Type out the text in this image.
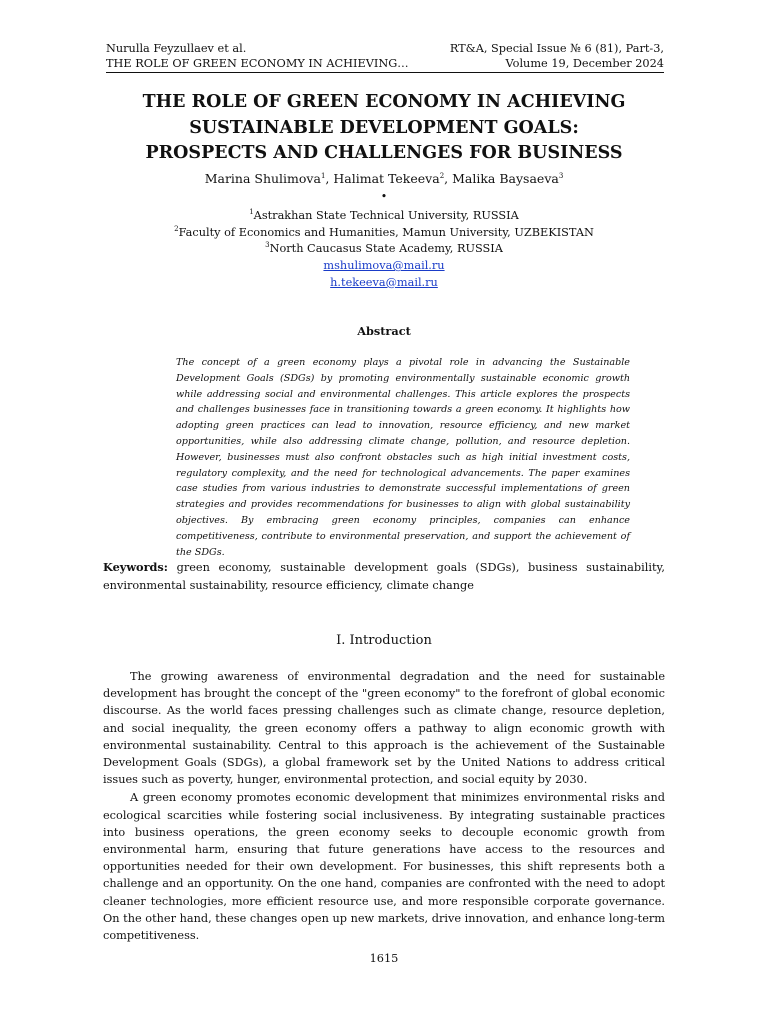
Nurulla Feyzullaev et al.	RT&A, Special Issue № 6 (81), Part-3,
THE ROLE OF GREEN ECONOMY IN ACHIEVING…	Volume 19, December 2024
THE ROLE OF GREEN ECONOMY IN ACHIEVING
SUSTAINABLE DEVELOPMENT GOALS:
PROSPECTS AND CHALLENGES FOR BUSINESS
Marina Shulimova$^1$, Halimat Tekeeva$^2$, Malika Baysaeva$^3$
•
$^1$Astrakhan State Technical University, RUSSIA
$^2$Faculty of Economics and Humanities, Mamun University, UZBEKISTAN
$^3$North Caucasus State Academy, RUSSIA
mshulimova@mail.ru
h.tekeeva@mail.ru
Abstract
The concept of a green economy plays a pivotal role in advancing the Sustainable Development Goals (SDGs) by promoting environmentally sustainable economic growth while addressing social and environmental challenges. This article explores the prospects and challenges businesses face in transitioning towards a green economy. It highlights how adopting green practices can lead to innovation, resource efficiency, and new market opportunities, while also addressing climate change, pollution, and resource depletion. However, businesses must also confront obstacles such as high initial investment costs, regulatory complexity, and the need for technological advancements. The paper examines case studies from various industries to demonstrate successful implementations of green strategies and provides recommendations for businesses to align with global sustainability objectives. By embracing green economy principles, companies can enhance competitiveness, contribute to environmental preservation, and support the achievement of the SDGs.
Keywords: green economy, sustainable development goals (SDGs), business sustainability, environmental sustainability, resource efficiency, climate change
I. Introduction

The growing awareness of environmental degradation and the need for sustainable development has brought the concept of the "green economy" to the forefront of global economic discourse. As the world faces pressing challenges such as climate change, resource depletion, and social inequality, the green economy offers a pathway to align economic growth with environmental sustainability. Central to this approach is the achievement of the Sustainable Development Goals (SDGs), a global framework set by the United Nations to address critical issues such as poverty, hunger, environmental protection, and social equity by 2030.

A green economy promotes economic development that minimizes environmental risks and ecological scarcities while fostering social inclusiveness. By integrating sustainable practices into business operations, the green economy seeks to decouple economic growth from environmental harm, ensuring that future generations have access to the resources and opportunities needed for their own development. For businesses, this shift represents both a challenge and an opportunity. On the one hand, companies are confronted with the need to adopt cleaner technologies, more efficient resource use, and more responsible corporate governance. On the other hand, these changes open up new markets, drive innovation, and enhance long-term competitiveness.

1615
